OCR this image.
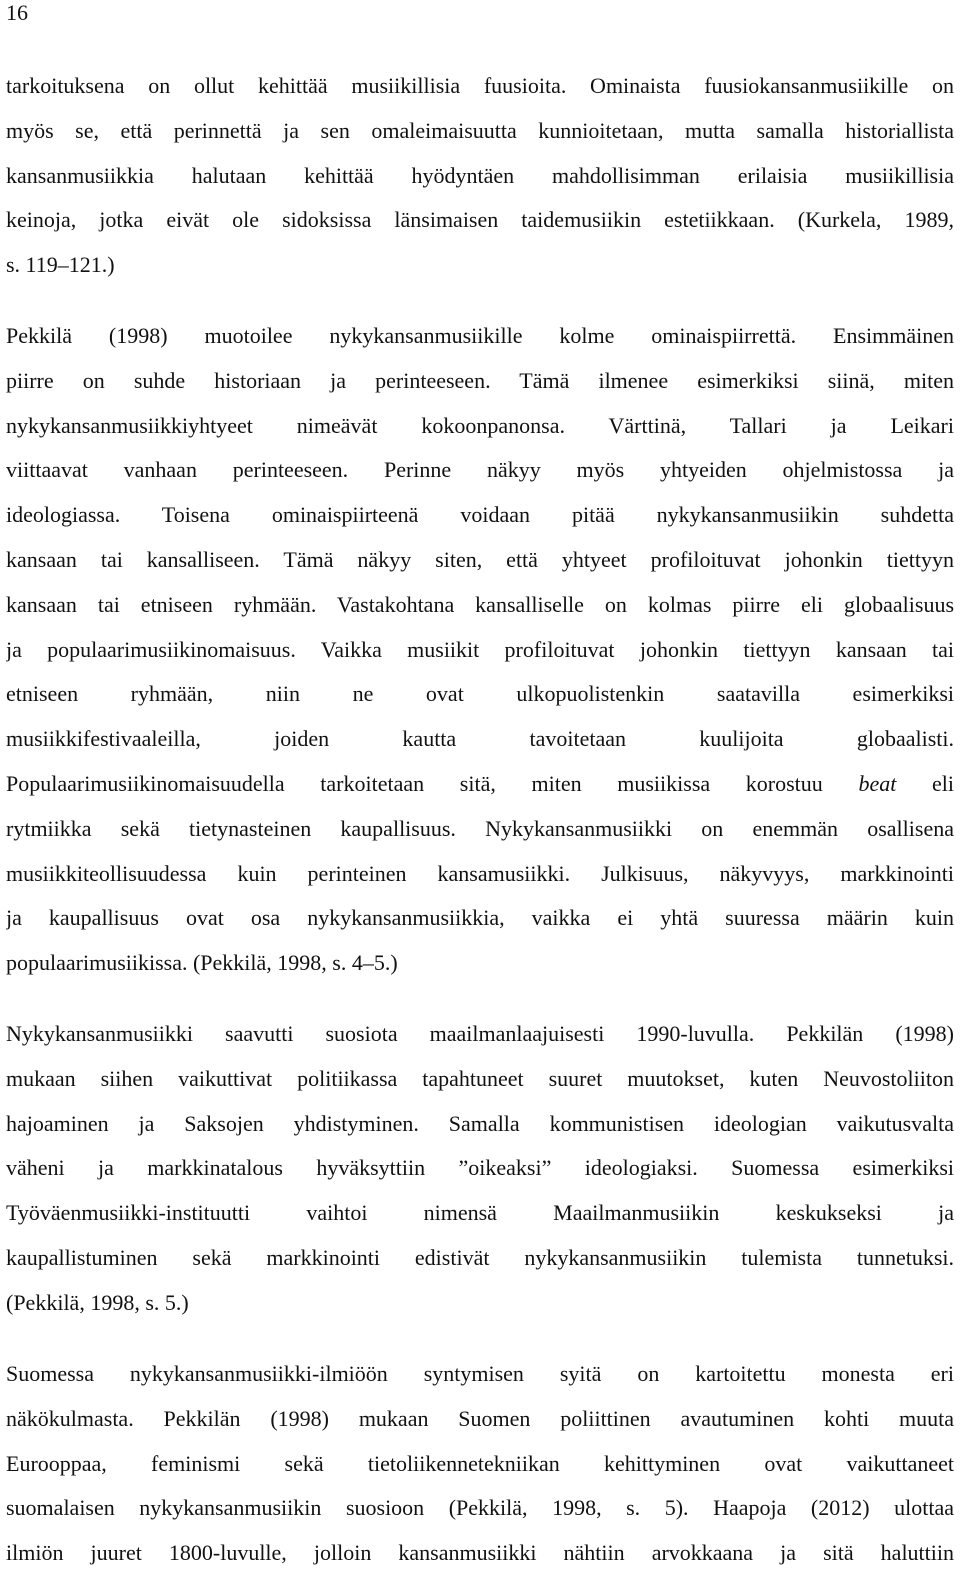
16
tarkoituksena on ollut kehittää musiikillisia fuusioita. Ominaista fuusiokansanmusiikille on
myös se, että perinnettä ja sen omaleimaisuutta kunnioitetaan, mutta samalla historiallista
kansanmusiikkia halutaan kehittää hyödyntäen mahdollisimman erilaisia musiikillisia
keinoja, jotka eivät ole sidoksissa länsimaisen taidemusiikin estetiikkaan. (Kurkela, 1989,
s. 119–121.)
Pekkilä (1998) muotoilee nykykansanmusiikille kolme ominaispiirrettä. Ensimmäinen
piirre on suhde historiaan ja perinteeseen. Tämä ilmenee esimerkiksi siinä, miten
nykykansanmusiikkiyhtyeet nimeävät kokoonpanonsa. Värttinä, Tallari ja Leikari
viittaavat vanhaan perinteeseen. Perinne näkyy myös yhtyeiden ohjelmistossa ja
ideologiassa. Toisena ominaispiirteenä voidaan pitää nykykansanmusiikin suhdetta
kansaan tai kansalliseen. Tämä näkyy siten, että yhtyeet profiloituvat johonkin tiettyyn
kansaan tai etniseen ryhmään. Vastakohtana kansalliselle on kolmas piirre eli globaalisuus
ja populaarimusiikinomaisuus. Vaikka musiikit profiloituvat johonkin tiettyyn kansaan tai
etniseen ryhmään, niin ne ovat ulkopuolistenkin saatavilla esimerkiksi
musiikkifestivaaleilla, joiden kautta tavoitetaan kuulijoita globaalisti.
Populaarimusiikinomaisuudella tarkoitetaan sitä, miten musiikissa korostuu beat eli
rytmiikka sekä tietynasteinen kaupallisuus. Nykykansanmusiikki on enemmän osallisena
musiikkiteollisuudessa kuin perinteinen kansamusiikki. Julkisuus, näkyvyys, markkinointi
ja kaupallisuus ovat osa nykykansanmusiikkia, vaikka ei yhtä suuressa määrin kuin
populaarimusiikissa. (Pekkilä, 1998, s. 4–5.)
Nykykansanmusiikki saavutti suosiota maailmanlaajuisesti 1990-luvulla. Pekkilän (1998)
mukaan siihen vaikuttivat politiikassa tapahtuneet suuret muutokset, kuten Neuvostoliiton
hajoaminen ja Saksojen yhdistyminen. Samalla kommunistisen ideologian vaikutusvalta
väheni ja markkinatalous hyväksyttiin ”oikeaksi” ideologiaksi. Suomessa esimerkiksi
Työväenmusiikki-instituutti vaihtoi nimensä Maailmanmusiikin keskukseksi ja
kaupallistuminen sekä markkinointi edistivät nykykansanmusiikin tulemista tunnetuksi.
(Pekkilä, 1998, s. 5.)
Suomessa nykykansanmusiikki-ilmiöön syntymisen syitä on kartoitettu monesta eri
näkökulmasta. Pekkilän (1998) mukaan Suomen poliittinen avautuminen kohti muuta
Eurooppaa, feminismi sekä tietoliikennetekniikan kehittyminen ovat vaikuttaneet
suomalaisen nykykansanmusiikin suosioon (Pekkilä, 1998, s. 5). Haapoja (2012) ulottaa
ilmiön juuret 1800-luvulle, jolloin kansanmusiikki nähtiin arvokkaana ja sitä haluttiin
